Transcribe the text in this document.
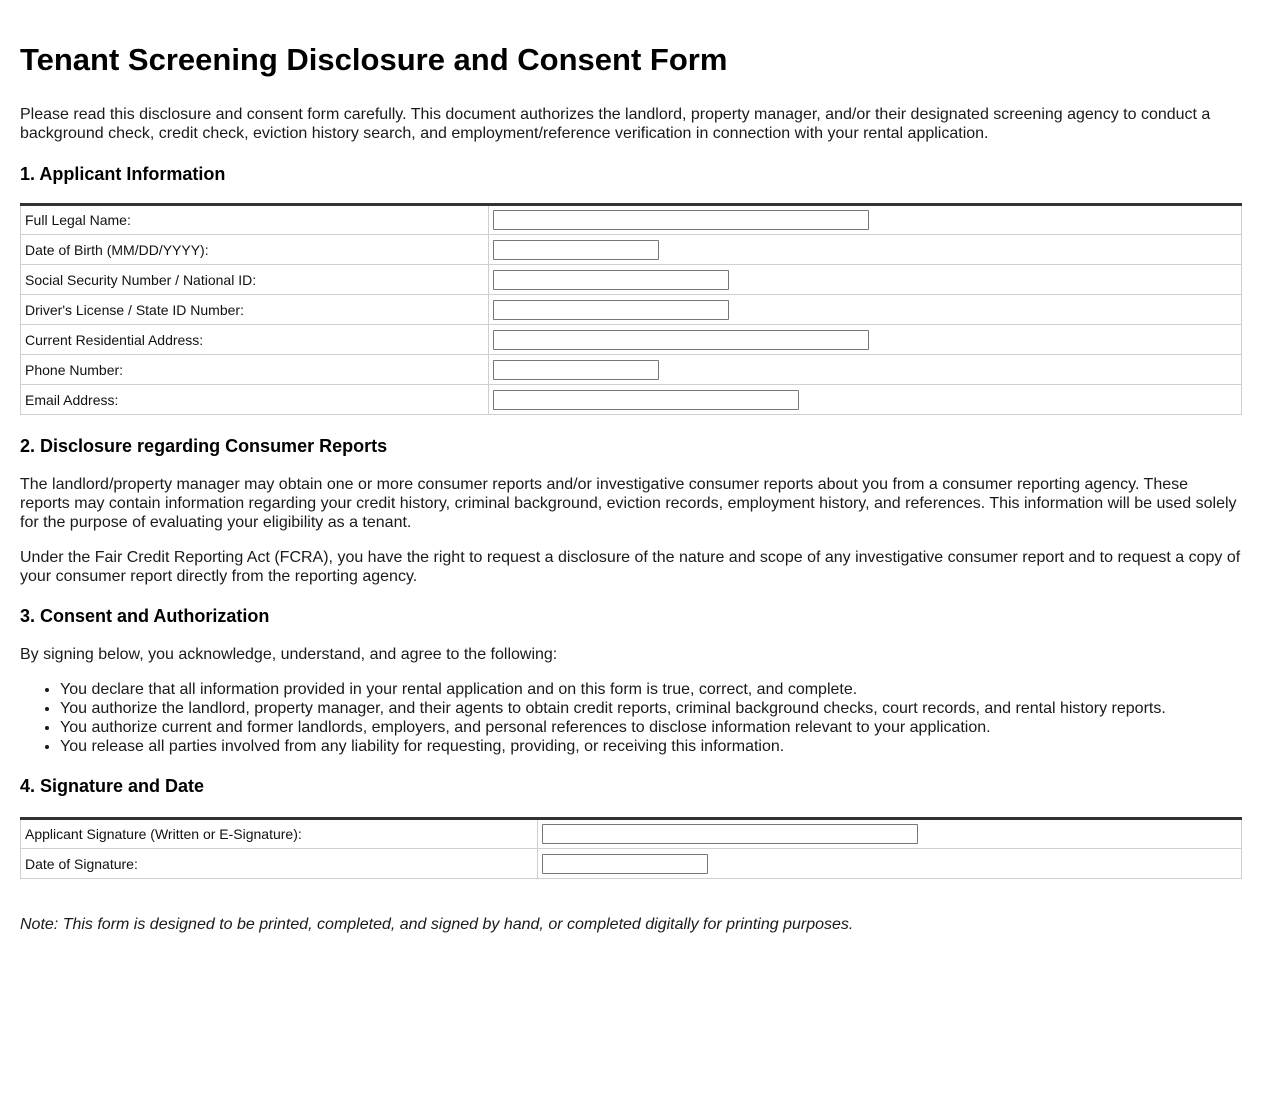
Tenant Screening Disclosure and Consent Form

Please read this disclosure and consent form carefully. This document authorizes the landlord, property manager, and/or their designated screening agency to conduct a background check, credit check, eviction history search, and employment/reference verification in connection with your rental application.

1. Applicant Information
Full Legal Name:	

Date of Birth (MM/DD/YYYY):	

Social Security Number / National ID:	

Driver's License / State ID Number:	

Current Residential Address:	

Phone Number:	

Email Address:	
2. Disclosure regarding Consumer Reports

The landlord/property manager may obtain one or more consumer reports and/or investigative consumer reports about you from a consumer reporting agency. These reports may contain information regarding your credit history, criminal background, eviction records, employment history, and references. This information will be used solely for the purpose of evaluating your eligibility as a tenant.

Under the Fair Credit Reporting Act (FCRA), you have the right to request a disclosure of the nature and scope of any investigative consumer report and to request a copy of your consumer report directly from the reporting agency.

3. Consent and Authorization

By signing below, you acknowledge, understand, and agree to the following:

• You declare that all information provided in your rental application and on this form is true, correct, and complete.
• You authorize the landlord, property manager, and their agents to obtain credit reports, criminal background checks, court records, and rental history reports.
• You authorize current and former landlords, employers, and personal references to disclose information relevant to your application.
• You release all parties involved from any liability for requesting, providing, or receiving this information.
4. Signature and Date
Applicant Signature (Written or E-Signature):	

Date of Signature:	

Note: This form is designed to be printed, completed, and signed by hand, or completed digitally for printing purposes.
